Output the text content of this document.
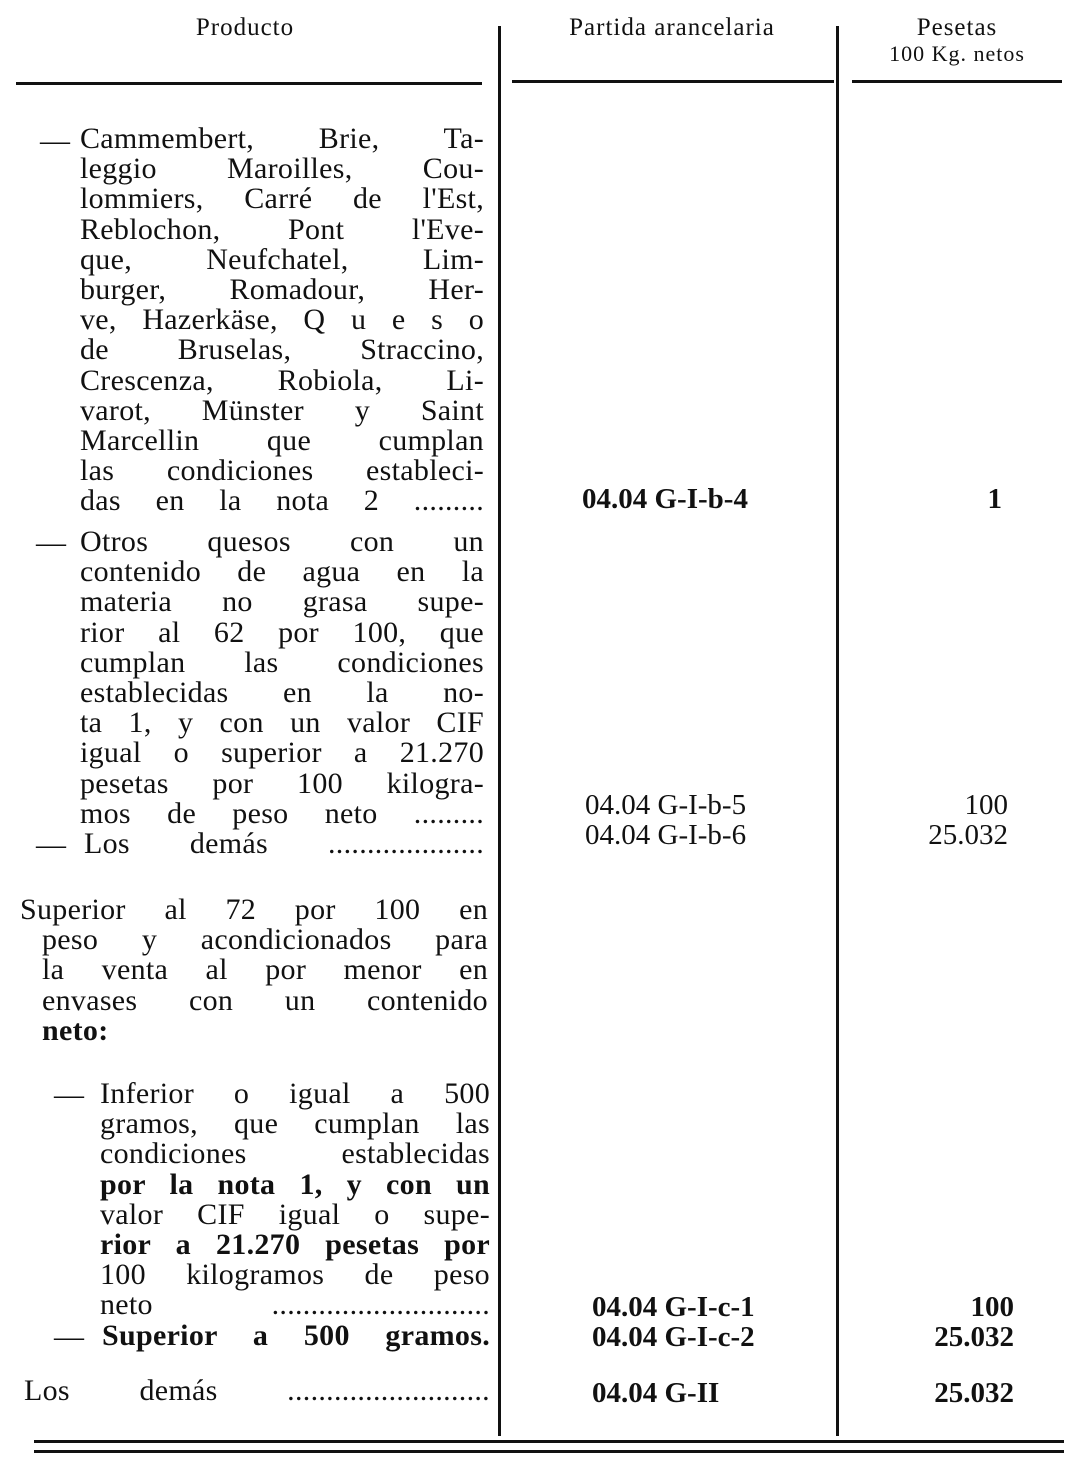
Producto	Partida arancelaria	Pesetas
100 Kg. netos
— Cammembert, Brie, Ta-
leggio Maroilles, Cou-
lommiers, Carré de l'Est,
Reblochon, Pont l'Eve-
que, Neufchatel, Lim-
burger, Romadour, Her-
ve, Hazerkäse, Q u e s o
de Bruselas, Straccino,
Crescenza, Robiola, Li-
varot, Münster y Saint
Marcellin que cumplan
las condiciones estableci-
das en la nota 2 .........	04.04 G-I-b-4	1
— Otros quesos con un
contenido de agua en la
materia no grasa supe-
rior al 62 por 100, que
cumplan las condiciones
establecidas en la no-
ta 1, y con un valor CIF
igual o superior a 21.270
pesetas por 100 kilogra-
mos de peso neto .........	04.04 G-I-b-5	100
— Los demás ....................	04.04 G-I-b-6	25.032
Superior al 72 por 100 en
peso y acondicionados para
la venta al por menor en
envases con un contenido
neto:
— Inferior o igual a 500
gramos, que cumplan las
condiciones establecidas
por la nota 1, y con un
valor CIF igual o supe-
rior a 21.270 pesetas por
100 kilogramos de peso
neto ............................	04.04 G-I-c-1	100
— Superior a 500 gramos.	04.04 G-I-c-2	25.032
Los demás ..........................	04.04 G-II	25.032
